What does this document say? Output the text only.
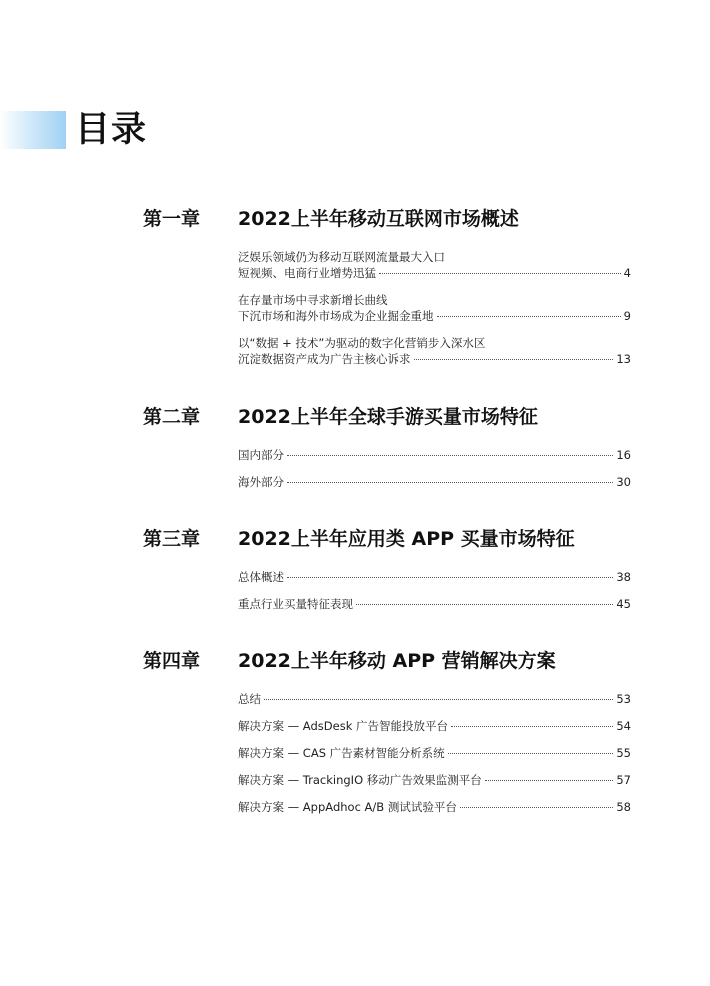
目录
第一章 2022上半年移动互联网市场概述
泛娱乐领域仍为移动互联网流量最大入口
短视频、电商行业增势迅猛	4
在存量市场中寻求新增长曲线
下沉市场和海外市场成为企业掘金重地	9
以“数据 + 技术”为驱动的数字化营销步入深水区
沉淀数据资产成为广告主核心诉求	13
第二章 2022上半年全球手游买量市场特征
国内部分	16
海外部分	30
第三章 2022上半年应用类 APP 买量市场特征
总体概述	38
重点行业买量特征表现	45
第四章 2022上半年移动 APP 营销解决方案
总结	53
解决方案 — AdsDesk 广告智能投放平台	54
解决方案 — CAS 广告素材智能分析系统	55
解决方案 — TrackingIO 移动广告效果监测平台	57
解决方案 — AppAdhoc A/B 测试试验平台	58
